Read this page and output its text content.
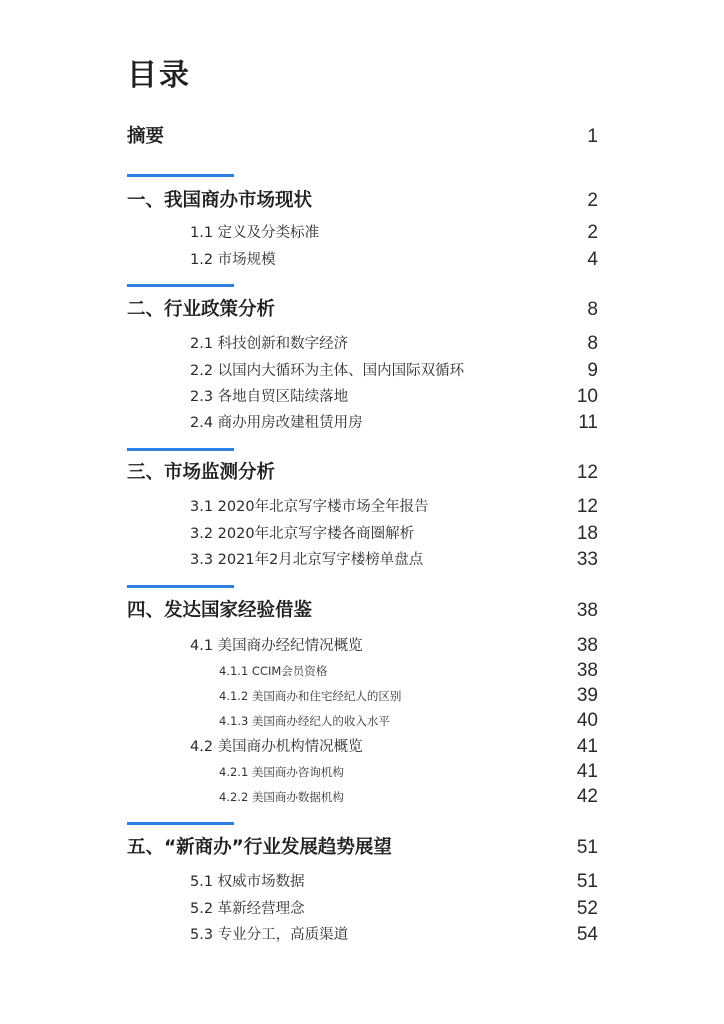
目录
摘要	1
一、我国商办市场现状	2
1.1 定义及分类标准	2
1.2 市场规模	4
二、行业政策分析	8
2.1 科技创新和数字经济	8
2.2 以国内大循环为主体、国内国际双循环	9
2.3 各地自贸区陆续落地	10
2.4 商办用房改建租赁用房	11
三、市场监测分析	12
3.1 2020年北京写字楼市场全年报告	12
3.2 2020年北京写字楼各商圈解析	18
3.3 2021年2月北京写字楼榜单盘点	33
四、发达国家经验借鉴	38
4.1 美国商办经纪情况概览	38
4.1.1 CCIM会员资格	38
4.1.2 美国商办和住宅经纪人的区别	39
4.1.3 美国商办经纪人的收入水平	40
4.2 美国商办机构情况概览	41
4.2.1 美国商办咨询机构	41
4.2.2 美国商办数据机构	42
五、“新商办”行业发展趋势展望	51
5.1 权威市场数据	51
5.2 革新经营理念	52
5.3 专业分工，高质渠道	54
